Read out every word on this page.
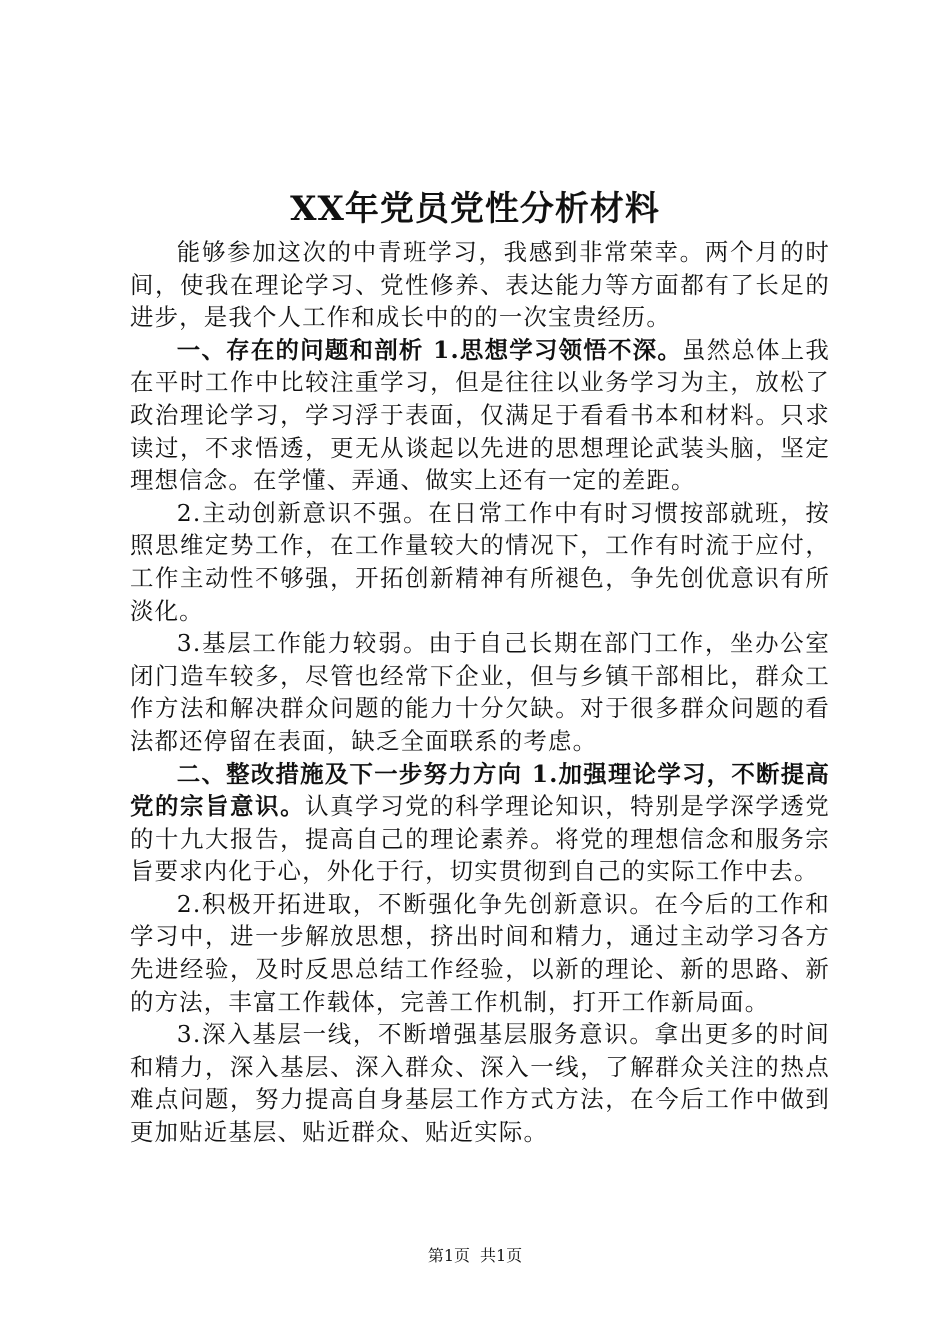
XX年党员党性分析材料

能够参加这次的中青班学习，我感到非常荣幸。两个月的时间，使我在理论学习、党性修养、表达能力等方面都有了长足的进步，是我个人工作和成长中的的一次宝贵经历。

一、存在的问题和剖析 1.思想学习领悟不深。虽然总体上我在平时工作中比较注重学习，但是往往以业务学习为主，放松了政治理论学习，学习浮于表面，仅满足于看看书本和材料。只求读过，不求悟透，更无从谈起以先进的思想理论武装头脑，坚定理想信念。在学懂、弄通、做实上还有一定的差距。

2.主动创新意识不强。在日常工作中有时习惯按部就班，按照思维定势工作，在工作量较大的情况下，工作有时流于应付，工作主动性不够强，开拓创新精神有所褪色，争先创优意识有所淡化。

3.基层工作能力较弱。由于自己长期在部门工作，坐办公室闭门造车较多，尽管也经常下企业，但与乡镇干部相比，群众工作方法和解决群众问题的能力十分欠缺。对于很多群众问题的看法都还停留在表面，缺乏全面联系的考虑。

二、整改措施及下一步努力方向 1.加强理论学习，不断提高党的宗旨意识。认真学习党的科学理论知识，特别是学深学透党的十九大报告，提高自己的理论素养。将党的理想信念和服务宗旨要求内化于心，外化于行，切实贯彻到自己的实际工作中去。

2.积极开拓进取，不断强化争先创新意识。在今后的工作和学习中，进一步解放思想，挤出时间和精力，通过主动学习各方先进经验，及时反思总结工作经验，以新的理论、新的思路、新的方法，丰富工作载体，完善工作机制，打开工作新局面。

3.深入基层一线，不断增强基层服务意识。拿出更多的时间和精力，深入基层、深入群众、深入一线，了解群众关注的热点难点问题，努力提高自身基层工作方式方法，在今后工作中做到更加贴近基层、贴近群众、贴近实际。

第1页 共1页
